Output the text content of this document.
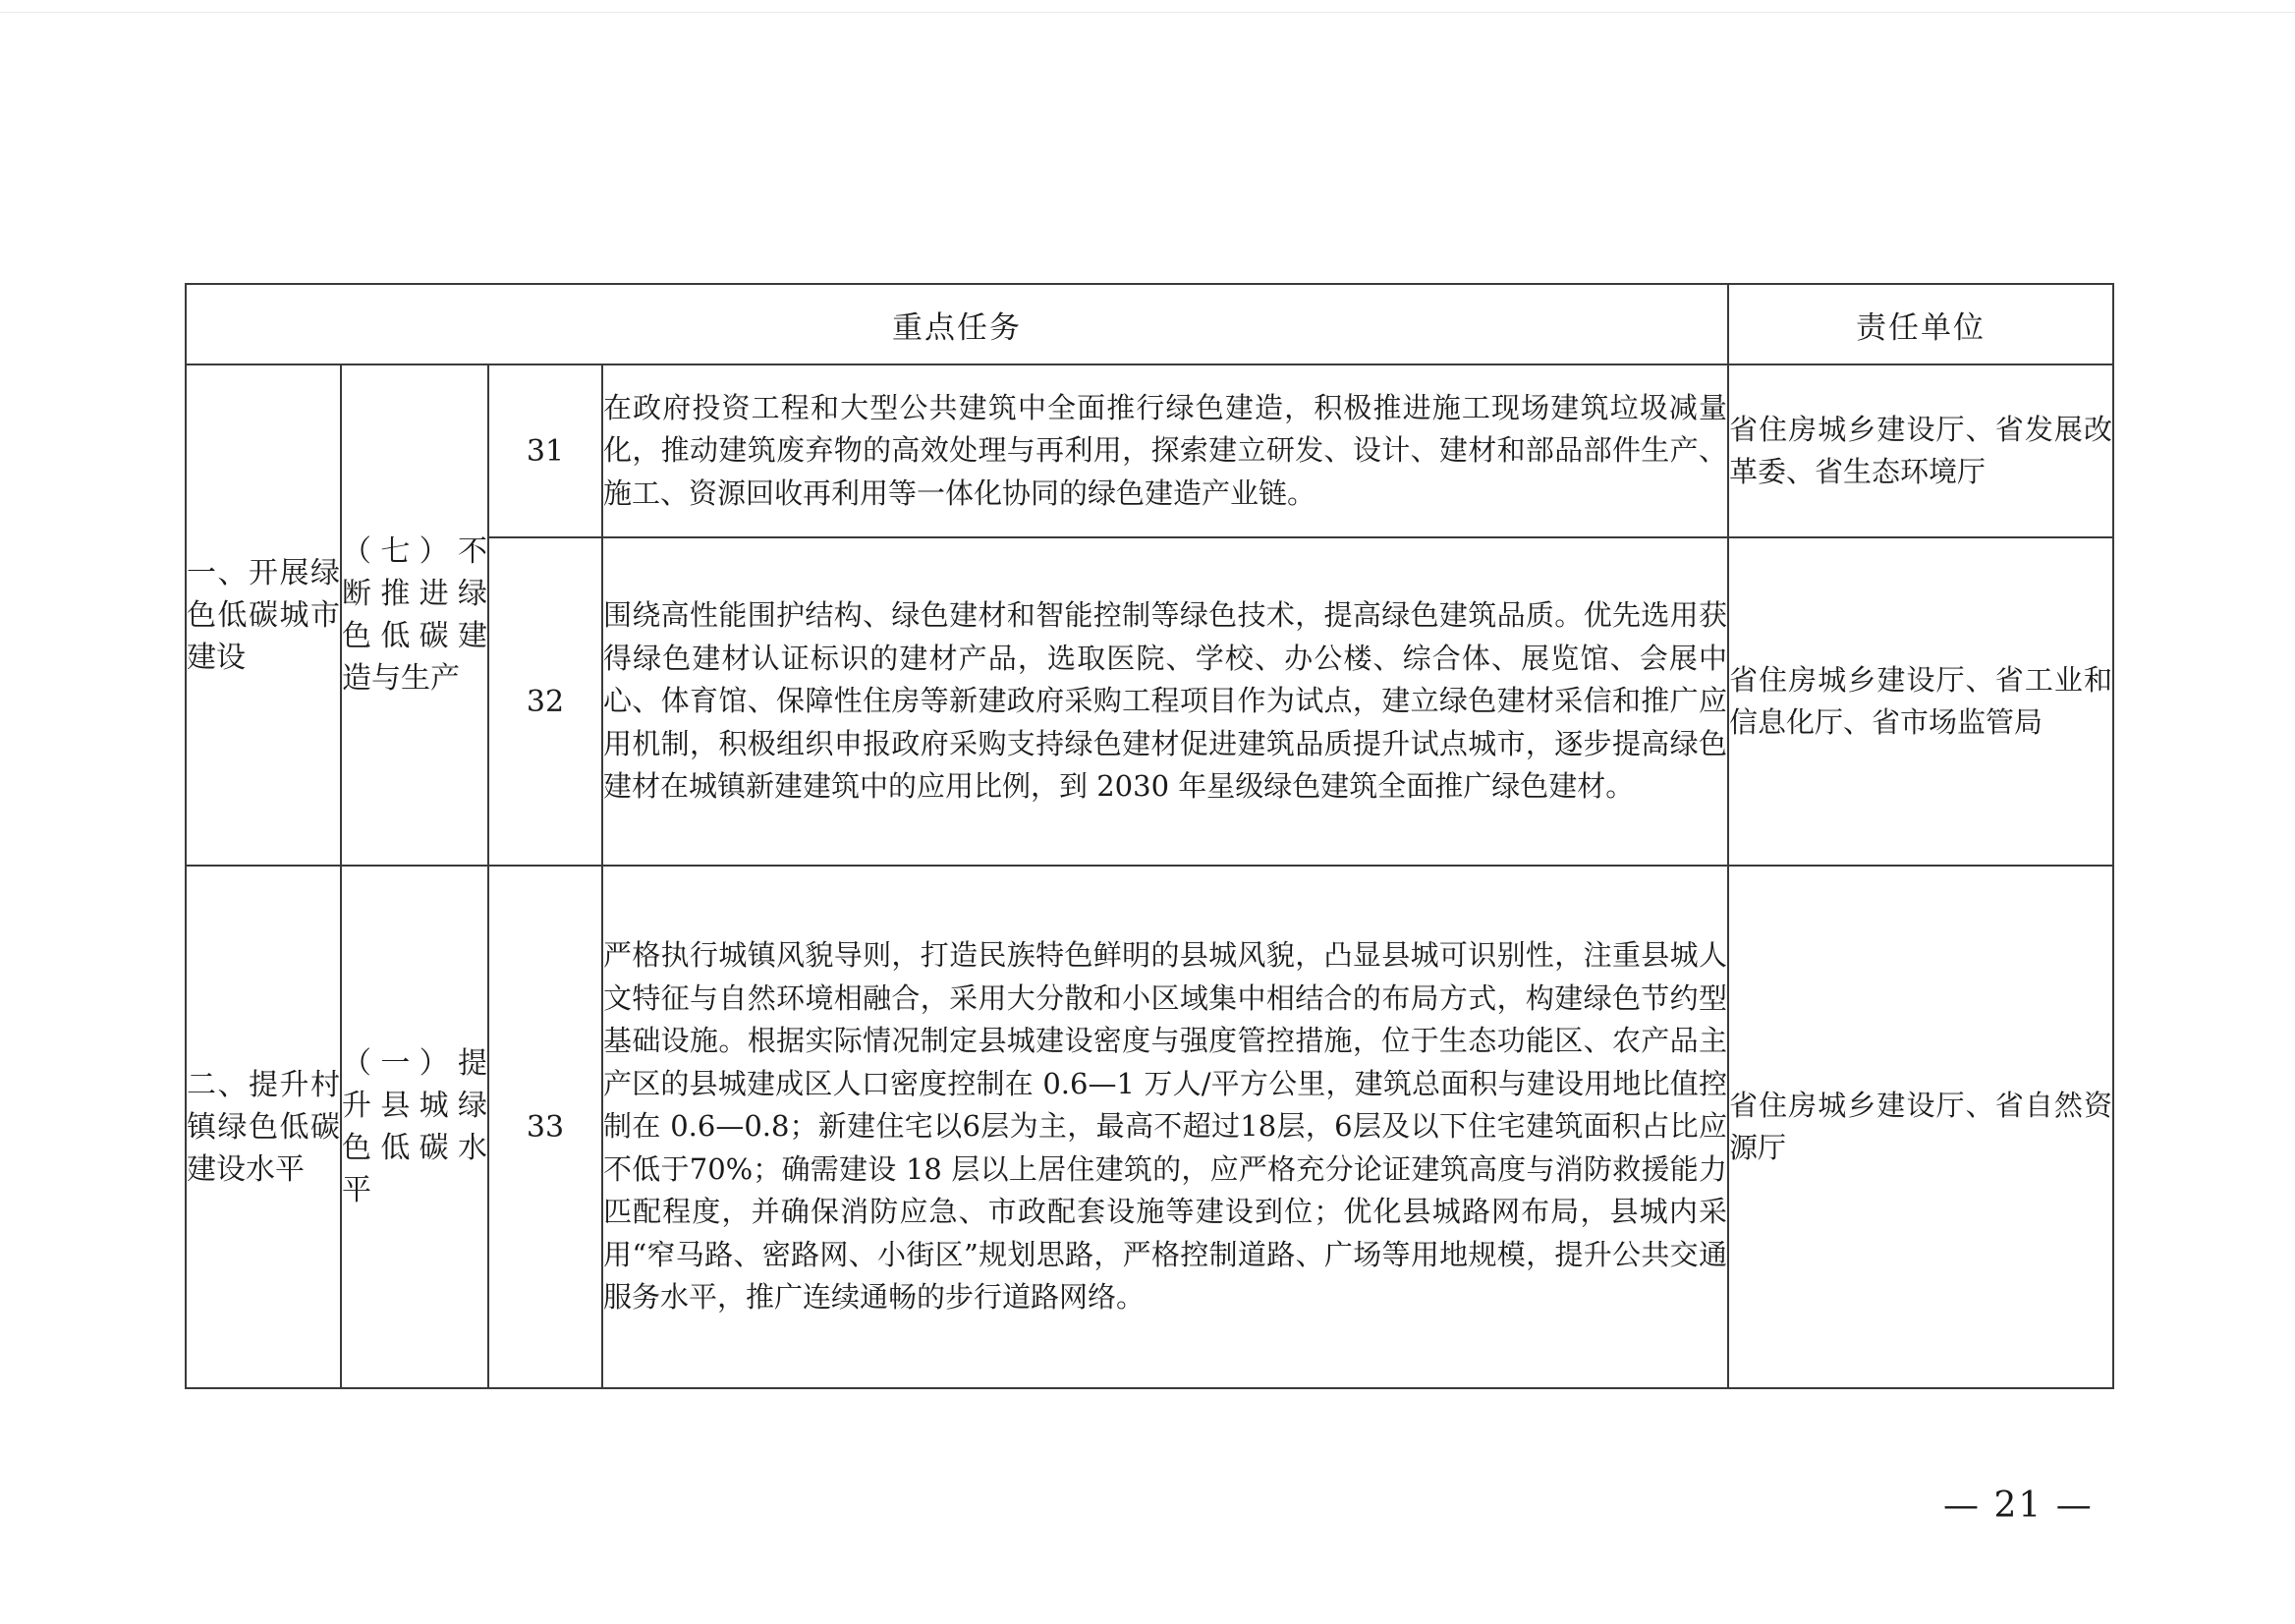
重点任务				责任单位
一、开展绿色低碳城市建设	（七）不断推进绿色低碳建造与生产	31	在政府投资工程和大型公共建筑中全面推行绿色建造，积极推进施工现场建筑垃圾减量化，推动建筑废弃物的高效处理与再利用，探索建立研发、设计、建材和部品部件生产、施工、资源回收再利用等一体化协同的绿色建造产业链。	省住房城乡建设厅、省发展改革委、省生态环境厅
		32	围绕高性能围护结构、绿色建材和智能控制等绿色技术，提高绿色建筑品质。优先选用获得绿色建材认证标识的建材产品，选取医院、学校、办公楼、综合体、展览馆、会展中心、体育馆、保障性住房等新建政府采购工程项目作为试点，建立绿色建材采信和推广应用机制，积极组织申报政府采购支持绿色建材促进建筑品质提升试点城市，逐步提高绿色建材在城镇新建建筑中的应用比例，到 2030 年星级绿色建筑全面推广绿色建材。	省住房城乡建设厅、省工业和信息化厅、省市场监管局
二、提升村镇绿色低碳建设水平	（一）提升县城绿色低碳水平	33	严格执行城镇风貌导则，打造民族特色鲜明的县城风貌，凸显县城可识别性，注重县城人文特征与自然环境相融合，采用大分散和小区域集中相结合的布局方式，构建绿色节约型基础设施。根据实际情况制定县城建设密度与强度管控措施，位于生态功能区、农产品主产区的县城建成区人口密度控制在 0.6—1 万人/平方公里，建筑总面积与建设用地比值控制在 0.6—0.8；新建住宅以6层为主，最高不超过18层，6层及以下住宅建筑面积占比应不低于70%；确需建设 18 层以上居住建筑的，应严格充分论证建筑高度与消防救援能力匹配程度，并确保消防应急、市政配套设施等建设到位；优化县城路网布局，县城内采用“窄马路、密路网、小街区”规划思路，严格控制道路、广场等用地规模，提升公共交通服务水平，推广连续通畅的步行道路网络。	省住房城乡建设厅、省自然资源厅
— 21 —
